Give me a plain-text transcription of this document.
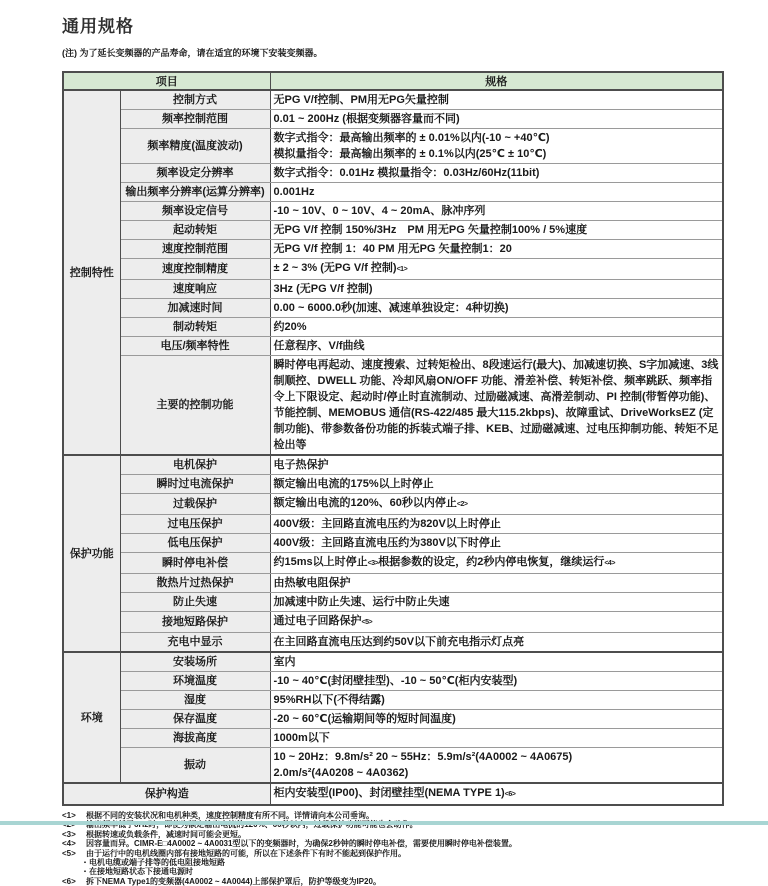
通用规格
(注) 为了延长变频器的产品寿命，请在适宜的环境下安装变频器。
项目		规格
控制特性	控制方式	无PG V/f控制、PM用无PG矢量控制
	频率控制范围	0.01 ~ 200Hz (根据变频器容量而不同)
	频率精度(温度波动)	数字式指令：最高输出频率的 ± 0.01%以内(-10 ~ +40℃)
模拟量指令：最高输出频率的 ± 0.1%以内(25℃ ± 10℃)
	频率设定分辨率	数字式指令：0.01Hz 模拟量指令：0.03Hz/60Hz(11bit)
	输出频率分辨率(运算分辨率)	0.001Hz
	频率设定信号	-10 ~ 10V、0 ~ 10V、4 ~ 20mA、脉冲序列
	起动转矩	无PG V/f 控制 150%/3Hz　PM 用无PG 矢量控制100% / 5%速度
	速度控制范围	无PG V/f 控制 1：40 PM 用无PG 矢量控制1：20
	速度控制精度	± 2 ~ 3% (无PG V/f 控制)<1>
	速度响应	3Hz (无PG V/f 控制)
	加减速时间	0.00 ~ 6000.0秒(加速、减速单独设定：4种切换)
	制动转矩	约20%
	电压/频率特性	任意程序、V/f曲线
	主要的控制功能	瞬时停电再起动、速度搜索、过转矩检出、8段速运行(最大)、加减速切换、S字加减速、3线制顺控、DWELL 功能、冷却风扇ON/OFF 功能、滑差补偿、转矩补偿、频率跳跃、频率指令上下限设定、起动时/停止时直流制动、过励磁减速、高滑差制动、PI 控制(带暂停功能)、节能控制、MEMOBUS 通信(RS-422/485 最大115.2kbps)、故障重试、DriveWorksEZ (定制功能)、带参数备份功能的拆装式端子排、KEB、过励磁减速、过电压抑制功能、转矩不足检出等
保护功能	电机保护	电子热保护
	瞬时过电流保护	额定输出电流的175%以上时停止
	过载保护	额定输出电流的120%、60秒以内停止<2>
	过电压保护	400V级：主回路直流电压约为820V以上时停止
	低电压保护	400V级：主回路直流电压约为380V以下时停止
	瞬时停电补偿	约15ms以上时停止<3>根据参数的设定，约2秒内停电恢复，继续运行<4>
	散热片过热保护	由热敏电阻保护
	防止失速	加减速中防止失速、运行中防止失速
	接地短路保护	通过电子回路保护<5>
	充电中显示	在主回路直流电压达到约50V以下前充电指示灯点亮
环境	安装场所	室内
	环境温度	-10 ~ 40℃(封闭壁挂型)、-10 ~ 50℃(柜内安装型)
	湿度	95%RH以下(不得结露)
	保存温度	-20 ~ 60℃(运输期间等的短时间温度)
	海拔高度	1000m以下
	振动	10 ~ 20Hz：9.8m/s² 20 ~ 55Hz：5.9m/s²(4A0002 ~ 4A0675)
2.0m/s²(4A0208 ~ 4A0362)
保护构造		柜内安装型(IP00)、封闭壁挂型(NEMA TYPE 1)<6>
<1>	根据不同的安装状况和电机种类，速度控制精度有所不同。详情请向本公司垂询。
<3>	根据转速或负载条件，减速时间可能会更短。
<4>	因容量而异。CIMR-E□4A0002 ~ 4A0031型以下的变频器时，为确保2秒钟的瞬时停电补偿，需要使用瞬时停电补偿装置。
<5>	由于运行中的电机线圈内部有接地短路的可能，所以在下述条件下有时不能起到保护作用。
・电机电缆或端子排等的低电阻接地短路
・在接地短路状态下接通电源时
<6>	拆下NEMA Type1的变频器(4A0002 ~ 4A0044)上部保护罩后，防护等级变为IP20。
